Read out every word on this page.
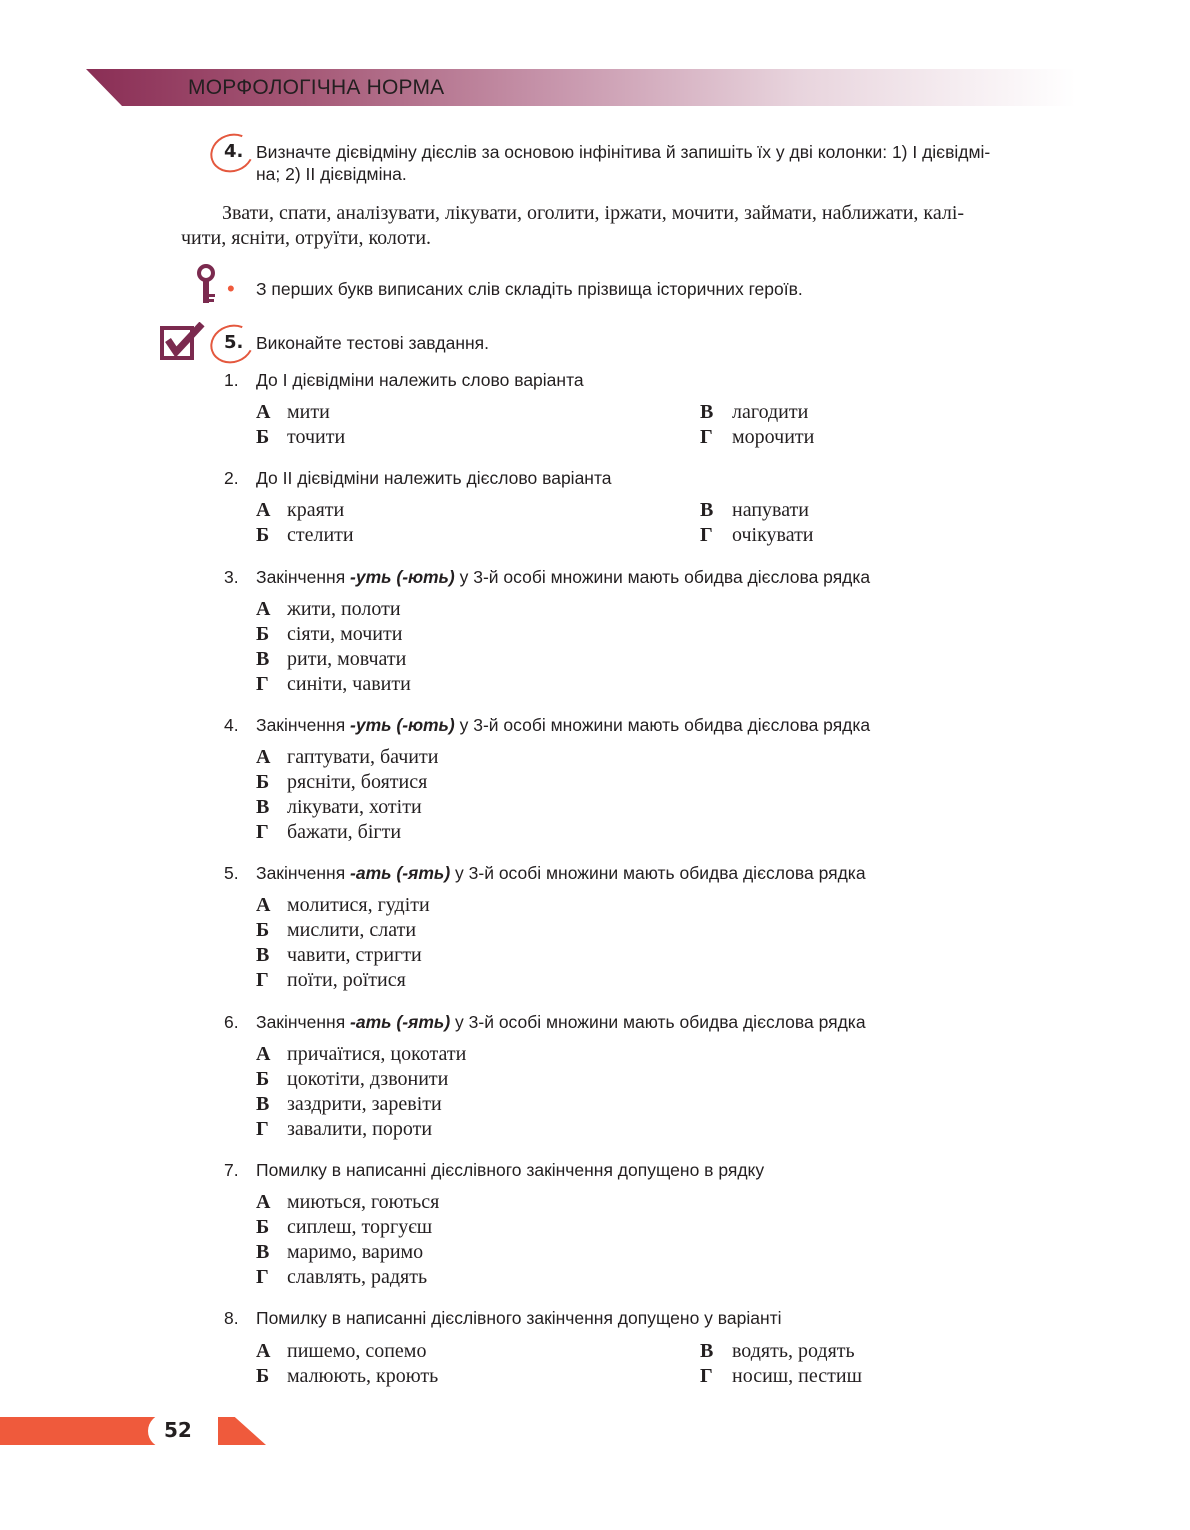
МОРФОЛОГІЧНА НОРМА
4. Визначте дієвідміну дієслів за основою інфінітива й запишіть їх у дві колонки: 1) І дієвідмі-
на; 2) ІІ дієвідміна.
Звати, спати, аналізувати, лікувати, оголити, іржати, мочити, займати, наближати, калі-
чити, ясніти, отруїти, колоти.
• З перших букв виписаних слів складіть прізвища історичних героїв.
5. Виконайте тестові завдання.
1. До І дієвідміни належить слово варіанта
А мити
Б точити
В лагодити
Г морочити
2. До ІІ дієвідміни належить дієслово варіанта
А краяти
Б стелити
В напувати
Г очікувати
3. Закінчення -уть (-ють) у 3-й особі множини мають обидва дієслова рядка
А жити, полоти
Б сіяти, мочити
В рити, мовчати
Г синіти, чавити
4. Закінчення -уть (-ють) у 3-й особі множини мають обидва дієслова рядка
А гаптувати, бачити
Б рясніти, боятися
В лікувати, хотіти
Г бажати, бігти
5. Закінчення -ать (-ять) у 3-й особі множини мають обидва дієслова рядка
А молитися, гудіти
Б мислити, слати
В чавити, стригти
Г поїти, роїтися
6. Закінчення -ать (-ять) у 3-й особі множини мають обидва дієслова рядка
А причаїтися, цокотати
Б цокотіти, дзвонити
В заздрити, заревіти
Г завалити, пороти
7. Помилку в написанні дієслівного закінчення допущено в рядку
А миються, гоються
Б сиплеш, торгуєш
В маримо, варимо
Г славлять, радять
8. Помилку в написанні дієслівного закінчення допущено у варіанті
А пишемо, сопемо
Б малюють, кроють
В водять, родять
Г носиш, пестиш
52
